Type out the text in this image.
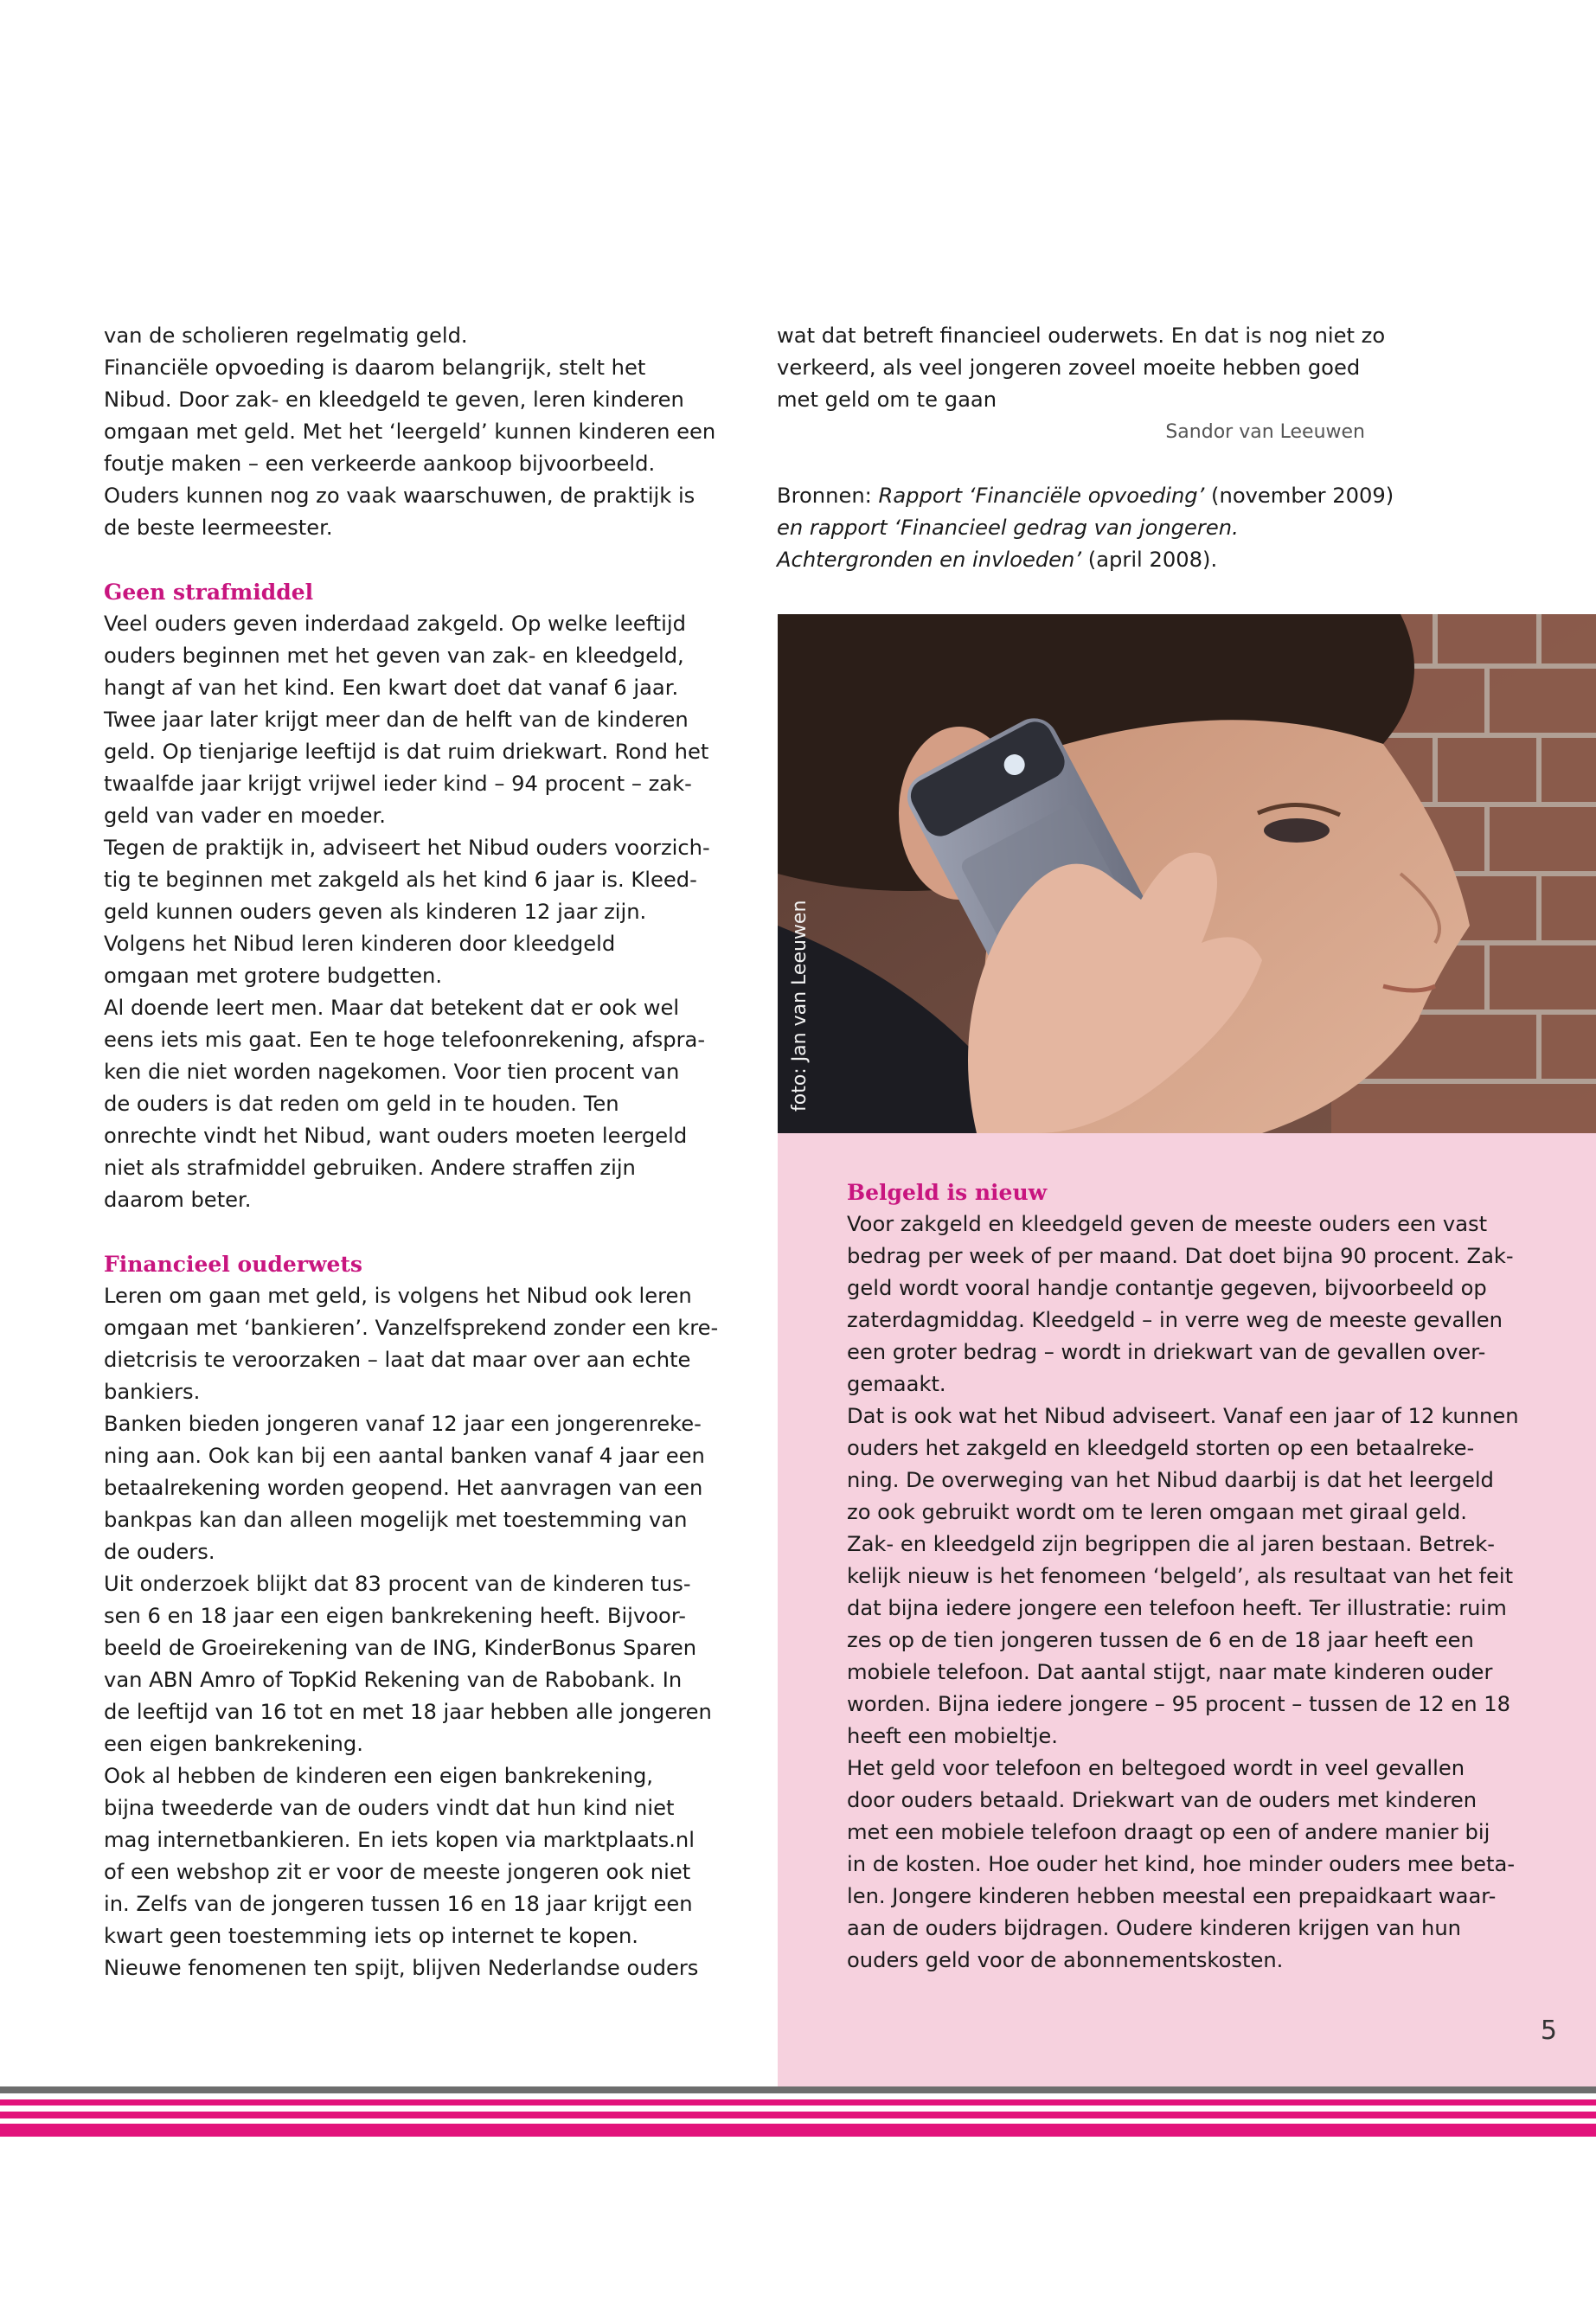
van de scholieren regelmatig geld.

Financiële opvoeding is daarom belangrijk, stelt het

Nibud. Door zak- en kleedgeld te geven, leren kinderen

omgaan met geld. Met het ‘leergeld’ kunnen kinderen een

foutje maken – een verkeerde aankoop bijvoorbeeld.

Ouders kunnen nog zo vaak waarschuwen, de praktijk is

de beste leermeester.

Geen strafmiddel

Veel ouders geven inderdaad zakgeld. Op welke leeftijd

ouders beginnen met het geven van zak- en kleedgeld,

hangt af van het kind. Een kwart doet dat vanaf 6 jaar.

Twee jaar later krijgt meer dan de helft van de kinderen

geld. Op tienjarige leeftijd is dat ruim driekwart. Rond het

twaalfde jaar krijgt vrijwel ieder kind – 94 procent – zak-

geld van vader en moeder.

Tegen de praktijk in, adviseert het Nibud ouders voorzich-

tig te beginnen met zakgeld als het kind 6 jaar is. Kleed-

geld kunnen ouders geven als kinderen 12 jaar zijn.

Volgens het Nibud leren kinderen door kleedgeld

omgaan met grotere budgetten.

Al doende leert men. Maar dat betekent dat er ook wel

eens iets mis gaat. Een te hoge telefoonrekening, afspra-

ken die niet worden nagekomen. Voor tien procent van

de ouders is dat reden om geld in te houden. Ten

onrechte vindt het Nibud, want ouders moeten leergeld

niet als strafmiddel gebruiken. Andere straffen zijn

daarom beter.

Financieel ouderwets

Leren om gaan met geld, is volgens het Nibud ook leren

omgaan met ‘bankieren’. Vanzelfsprekend zonder een kre-

dietcrisis te veroorzaken – laat dat maar over aan echte

bankiers.

Banken bieden jongeren vanaf 12 jaar een jongerenreke-

ning aan. Ook kan bij een aantal banken vanaf 4 jaar een

betaalrekening worden geopend. Het aanvragen van een

bankpas kan dan alleen mogelijk met toestemming van

de ouders.

Uit onderzoek blijkt dat 83 procent van de kinderen tus-

sen 6 en 18 jaar een eigen bankrekening heeft. Bijvoor-

beeld de Groeirekening van de ING, KinderBonus Sparen

van ABN Amro of TopKid Rekening van de Rabobank. In

de leeftijd van 16 tot en met 18 jaar hebben alle jongeren

een eigen bankrekening.

Ook al hebben de kinderen een eigen bankrekening,

bijna tweederde van de ouders vindt dat hun kind niet

mag internetbankieren. En iets kopen via marktplaats.nl

of een webshop zit er voor de meeste jongeren ook niet

in. Zelfs van de jongeren tussen 16 en 18 jaar krijgt een

kwart geen toestemming iets op internet te kopen.

Nieuwe fenomenen ten spijt, blijven Nederlandse ouders

wat dat betreft financieel ouderwets. En dat is nog niet zo

verkeerd, als veel jongeren zoveel moeite hebben goed

met geld om te gaan

Sandor van Leeuwen

Bronnen: Rapport ‘Financiële opvoeding’ (november 2009)

en rapport ‘Financieel gedrag van jongeren.

Achtergronden en invloeden’ (april 2008).

foto: Jan van Leeuwen

Belgeld is nieuw

Voor zakgeld en kleedgeld geven de meeste ouders een vast

bedrag per week of per maand. Dat doet bijna 90 procent. Zak-

geld wordt vooral handje contantje gegeven, bijvoorbeeld op

zaterdagmiddag. Kleedgeld – in verre weg de meeste gevallen

een groter bedrag – wordt in driekwart van de gevallen over-

gemaakt.

Dat is ook wat het Nibud adviseert. Vanaf een jaar of 12 kunnen

ouders het zakgeld en kleedgeld storten op een betaalreke-

ning. De overweging van het Nibud daarbij is dat het leergeld

zo ook gebruikt wordt om te leren omgaan met giraal geld.

Zak- en kleedgeld zijn begrippen die al jaren bestaan. Betrek-

kelijk nieuw is het fenomeen ‘belgeld’, als resultaat van het feit

dat bijna iedere jongere een telefoon heeft. Ter illustratie: ruim

zes op de tien jongeren tussen de 6 en de 18 jaar heeft een

mobiele telefoon. Dat aantal stijgt, naar mate kinderen ouder

worden. Bijna iedere jongere – 95 procent – tussen de 12 en 18

heeft een mobieltje.

Het geld voor telefoon en beltegoed wordt in veel gevallen

door ouders betaald. Driekwart van de ouders met kinderen

met een mobiele telefoon draagt op een of andere manier bij

in de kosten. Hoe ouder het kind, hoe minder ouders mee beta-

len. Jongere kinderen hebben meestal een prepaidkaart waar-

aan de ouders bijdragen. Oudere kinderen krijgen van hun

ouders geld voor de abonnementskosten.

5
